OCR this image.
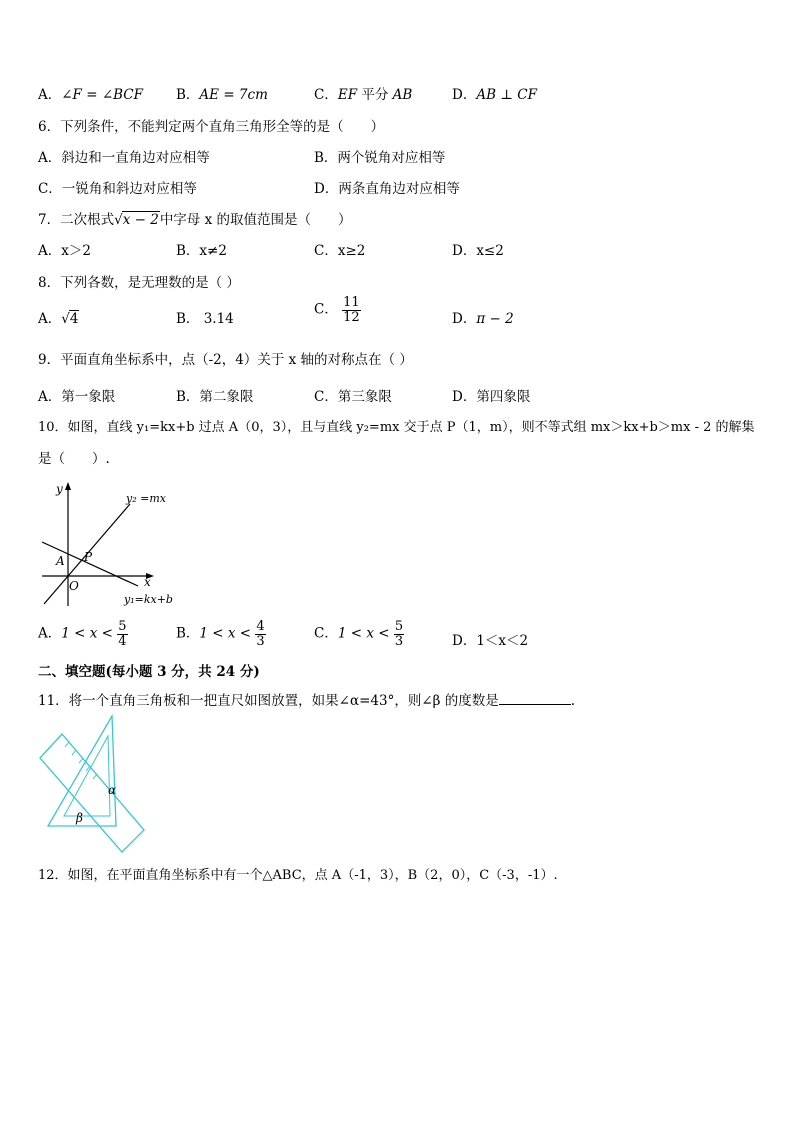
A．∠F = ∠BCF B．AE = 7cm	C．EF 平分 AB	D．AB ⊥ CF
6．下列条件，不能判定两个直角三角形全等的是（　　）
A．斜边和一直角边对应相等	B．两个锐角对应相等
C．一锐角和斜边对应相等	D．两条直角边对应相等
7．二次根式√x − 2中字母 x 的取值范围是（　　）
A．x＞2	B．x≠2	C．x≥2	D．x≤2
8．下列各数，是无理数的是（ ）
A．√4	B． 3.14
C． $\frac{11}{12}$	D．π − 2
9．平面直角坐标系中，点（-2，4）关于 x 轴的对称点在（ ）
A．第一象限	B．第二象限	C．第三象限	D．第四象限
10．如图，直线 y₁=kx+b 过点 A（0，3），且与直线 y₂=mx 交于点 P（1，m），则不等式组 mx＞kx+b＞mx - 2 的解集
是（　　）.
y
x
O
A P
y₂ =mx
y₁=kx+b
A．$1 < x < \frac{5}{4}$	B．$1 < x < \frac{4}{3}$	C．$1 < x < \frac{5}{3}$	D．1＜x＜2
二、填空题(每小题 3 分，共 24 分)
11．将一个直角三角板和一把直尺如图放置，如果∠α=43°，则∠β 的度数是	.
α
β
12．如图，在平面直角坐标系中有一个△ABC，点 A（-1，3），B（2，0），C（-3，-1）.
